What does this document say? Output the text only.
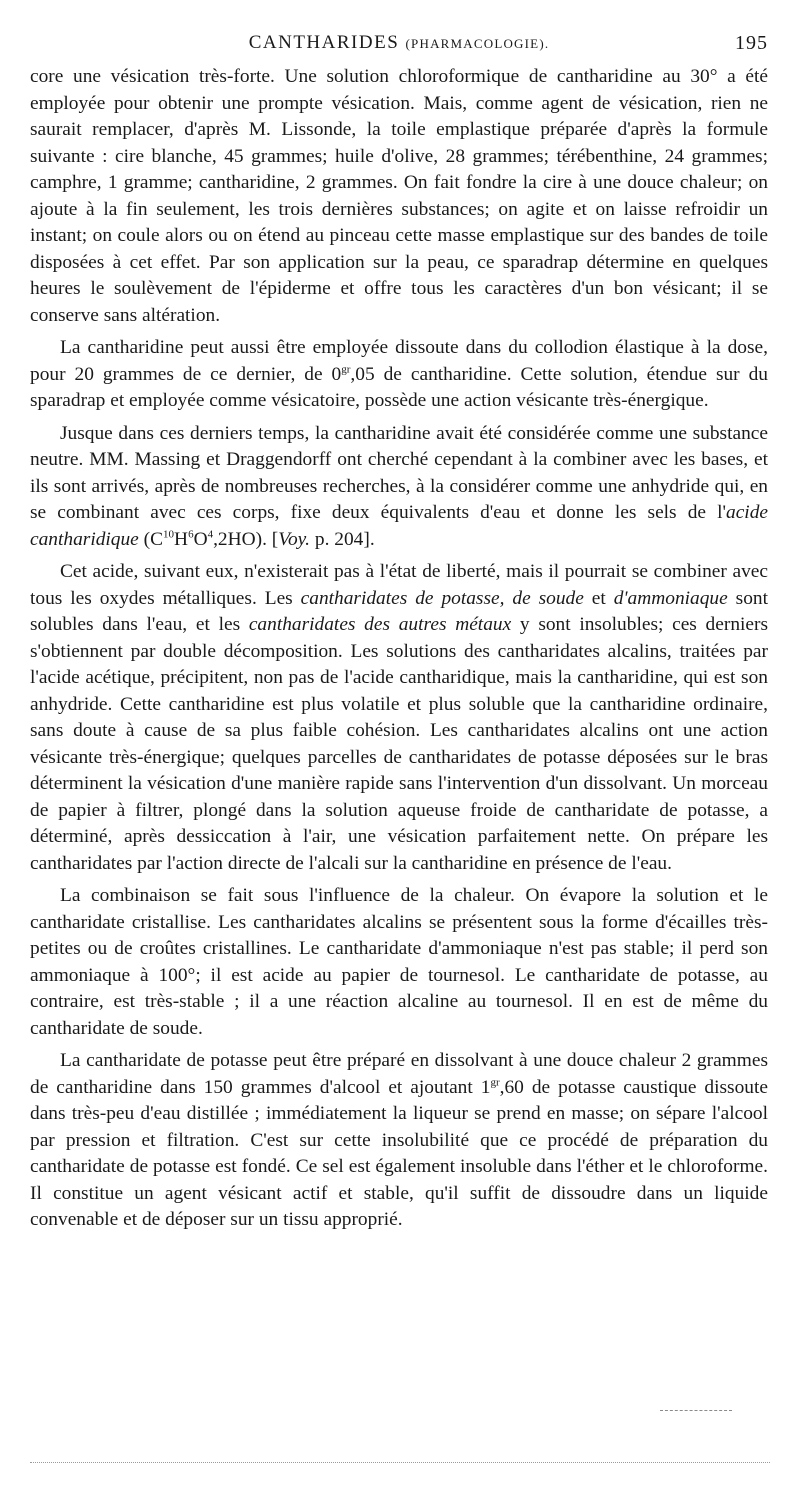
CANTHARIDES (PHARMACOLOGIE).	195

core une vésication très-forte. Une solution chloroformique de cantharidine au 30° a été employée pour obtenir une prompte vésication. Mais, comme agent de vésication, rien ne saurait remplacer, d'après M. Lissonde, la toile emplastique préparée d'après la formule suivante : cire blanche, 45 grammes; huile d'olive, 28 grammes; térébenthine, 24 grammes; camphre, 1 gramme; cantharidine, 2 grammes. On fait fondre la cire à une douce chaleur; on ajoute à la fin seulement, les trois dernières substances; on agite et on laisse refroidir un instant; on coule alors ou on étend au pinceau cette masse emplastique sur des bandes de toile disposées à cet effet. Par son application sur la peau, ce sparadrap détermine en quelques heures le soulèvement de l'épiderme et offre tous les caractères d'un bon vésicant; il se conserve sans altération.

La cantharidine peut aussi être employée dissoute dans du collodion élastique à la dose, pour 20 grammes de ce dernier, de $0^{gr},05$ de cantharidine. Cette solution, étendue sur du sparadrap et employée comme vésicatoire, possède une action vésicante très-énergique.

Jusque dans ces derniers temps, la cantharidine avait été considérée comme une substance neutre. MM. Massing et Draggendorff ont cherché cependant à la combiner avec les bases, et ils sont arrivés, après de nombreuses recherches, à la considérer comme une anhydride qui, en se combinant avec ces corps, fixe deux équivalents d'eau et donne les sels de l'acide cantharidique $(C^{10}H^6O^4,2HO)$. [Voy. p. 204].

Cet acide, suivant eux, n'existerait pas à l'état de liberté, mais il pourrait se combiner avec tous les oxydes métalliques. Les cantharidates de potasse, de soude et d'ammoniaque sont solubles dans l'eau, et les cantharidates des autres métaux y sont insolubles; ces derniers s'obtiennent par double décomposition. Les solutions des cantharidates alcalins, traitées par l'acide acétique, précipitent, non pas de l'acide cantharidique, mais la cantharidine, qui est son anhydride. Cette cantharidine est plus volatile et plus soluble que la cantharidine ordinaire, sans doute à cause de sa plus faible cohésion. Les cantharidates alcalins ont une action vésicante très-énergique; quelques parcelles de cantharidates de potasse déposées sur le bras déterminent la vésication d'une manière rapide sans l'intervention d'un dissolvant. Un morceau de papier à filtrer, plongé dans la solution aqueuse froide de cantharidate de potasse, a déterminé, après dessiccation à l'air, une vésication parfaitement nette. On prépare les cantharidates par l'action directe de l'alcali sur la cantharidine en présence de l'eau.

La combinaison se fait sous l'influence de la chaleur. On évapore la solution et le cantharidate cristallise. Les cantharidates alcalins se présentent sous la forme d'écailles très-petites ou de croûtes cristallines. Le cantharidate d'ammoniaque n'est pas stable; il perd son ammoniaque à 100°; il est acide au papier de tournesol. Le cantharidate de potasse, au contraire, est très-stable ; il a une réaction alcaline au tournesol. Il en est de même du cantharidate de soude.

La cantharidate de potasse peut être préparé en dissolvant à une douce chaleur 2 grammes de cantharidine dans 150 grammes d'alcool et ajoutant $1^{gr},60$ de potasse caustique dissoute dans très-peu d'eau distillée ; immédiatement la liqueur se prend en masse; on sépare l'alcool par pression et filtration. C'est sur cette insolubilité que ce procédé de préparation du cantharidate de potasse est fondé. Ce sel est également insoluble dans l'éther et le chloroforme. Il constitue un agent vésicant actif et stable, qu'il suffit de dissoudre dans un liquide convenable et de déposer sur un tissu approprié.
